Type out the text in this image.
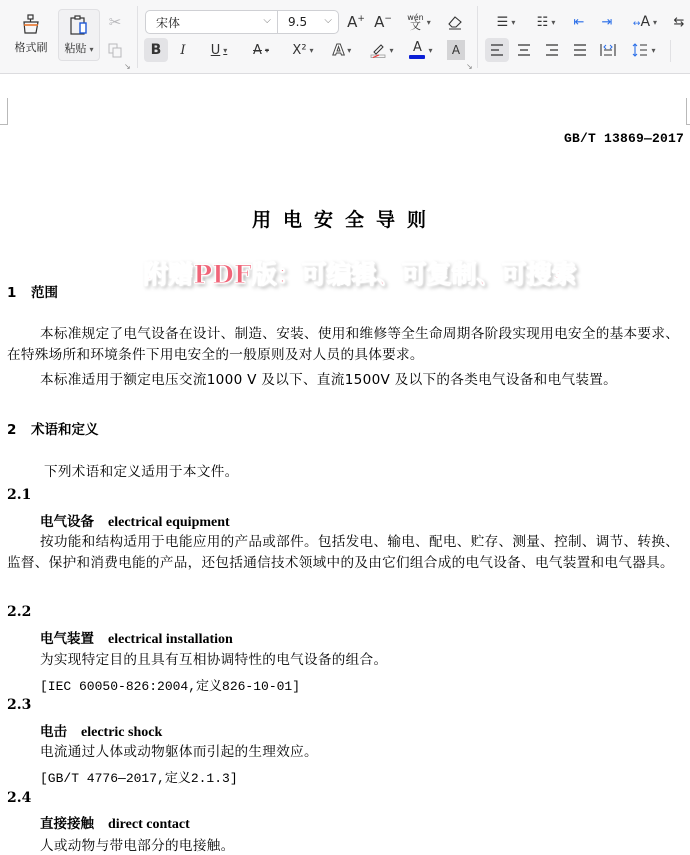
格式刷 粘贴 ▾
✂
↘
宋体	⌵ 9.5 ⌵ A+ A− wén
文 ▾
B I U ▾ A ▾ X² ▾ A ▾	▾ A ▾ A
↘
☰ ▾ ☷ ▾ ⇤ ⇥ ↔A ▾ ⇆
▾
GB/T 13869—2017
用电安全导则
附赠PDF版：可编辑、可复制、可搜索
1 范围
本标准规定了电气设备在设计、制造、安装、使用和维修等全生命周期各阶段实现用电安全的基本要求、在特殊场所和环境条件下用电安全的一般原则及对人员的具体要求。
本标准适用于额定电压交流1000 V 及以下、直流1500V 及以下的各类电气设备和电气装置。
2 术语和定义
下列术语和定义适用于本文件。
2.1
电气设备 electrical equipment
按功能和结构适用于电能应用的产品或部件。包括发电、输电、配电、贮存、测量、控制、调节、转换、监督、保护和消费电能的产品，还包括通信技术领域中的及由它们组合成的电气设备、电气装置和电气器具。
2.2
电气装置 electrical installation
为实现特定目的且具有互相协调特性的电气设备的组合。
[IEC 60050-826:2004,定义826-10-01]
2.3
电击 electric shock
电流通过人体或动物躯体而引起的生理效应。
[GB/T 4776—2017,定义2.1.3]
2.4
直接接触 direct contact
人或动物与带电部分的电接触。
